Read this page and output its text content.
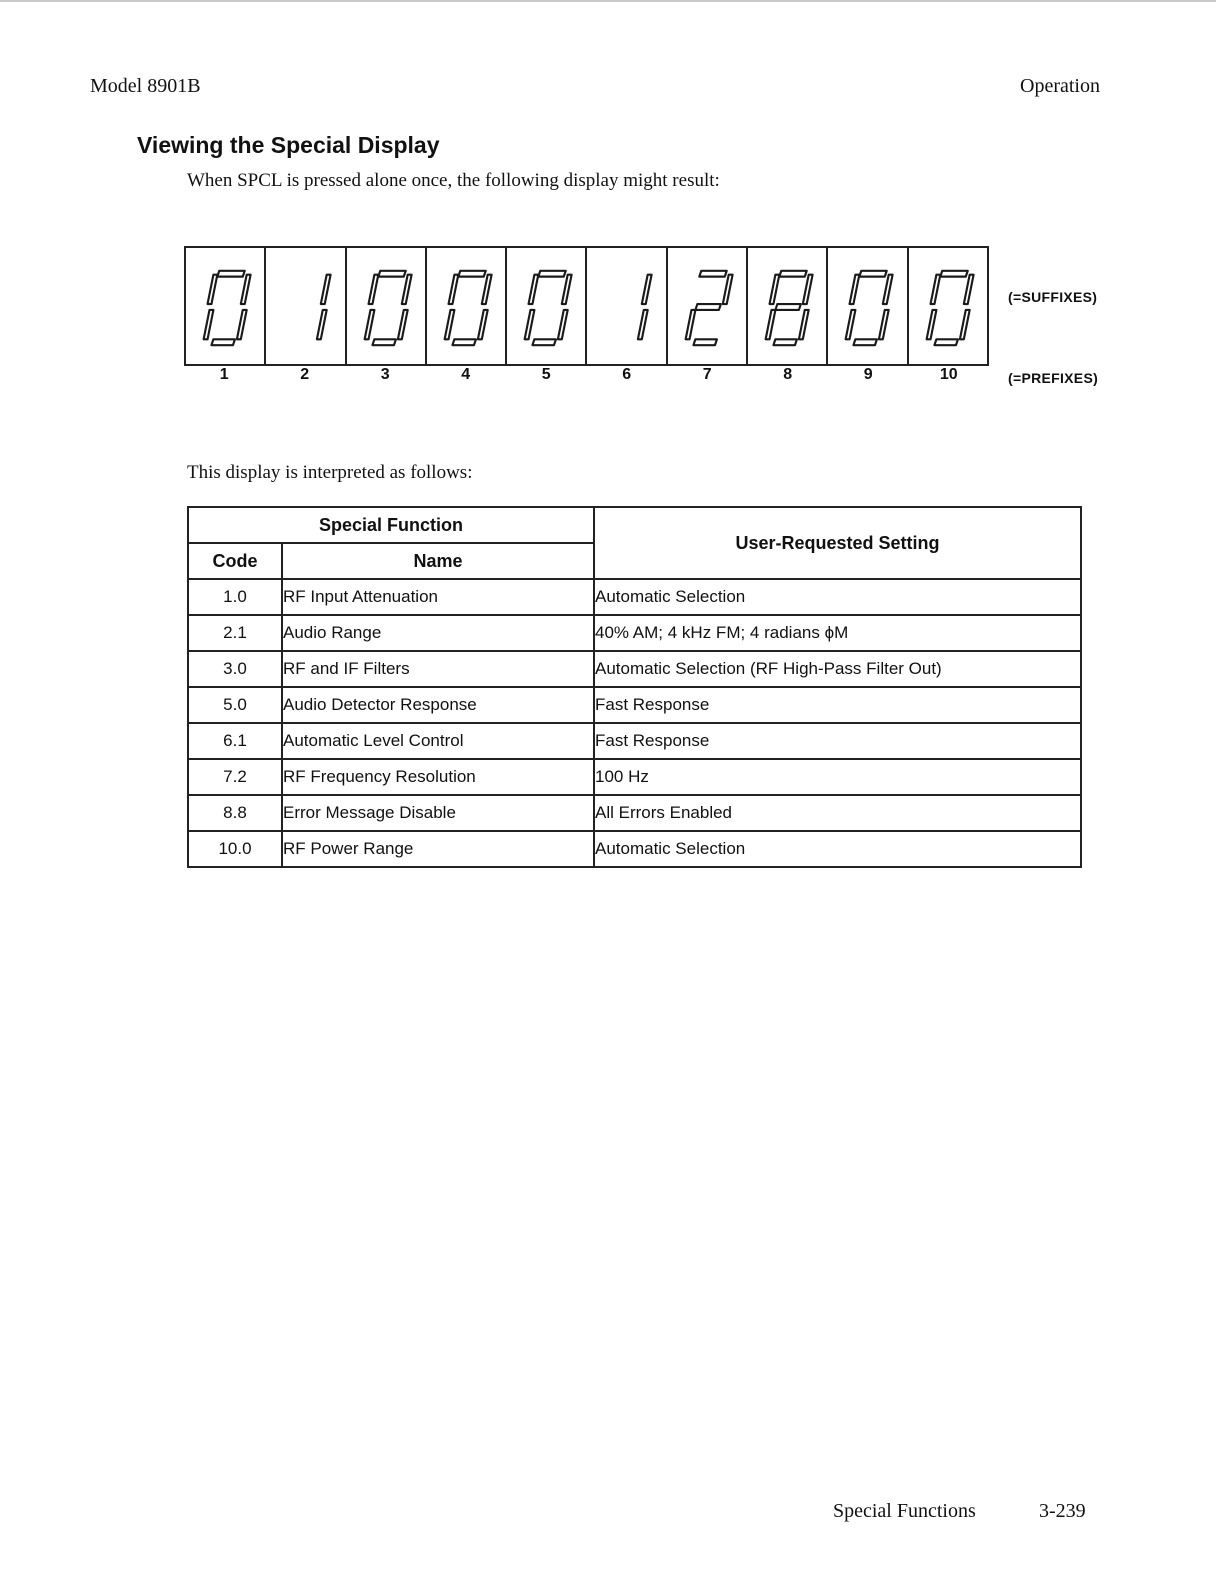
Model 8901B	Operation
Viewing the Special Display

When SPCL is pressed alone once, the following display might result:

(=SUFFIXES)
1	2	3	4	5	6	7	8	9	10	(=PREFIXES)

This display is interpreted as follows:

Special Function		User-Requested Setting
Code	Name	
1.0	RF Input Attenuation	Automatic Selection
2.1	Audio Range	40% AM; 4 kHz FM; 4 radians ϕM
3.0	RF and IF Filters	Automatic Selection (RF High-Pass Filter Out)
5.0	Audio Detector Response	Fast Response
6.1	Automatic Level Control	Fast Response
7.2	RF Frequency Resolution	100 Hz
8.8	Error Message Disable	All Errors Enabled
10.0	RF Power Range	Automatic Selection
Special Functions	3-239
